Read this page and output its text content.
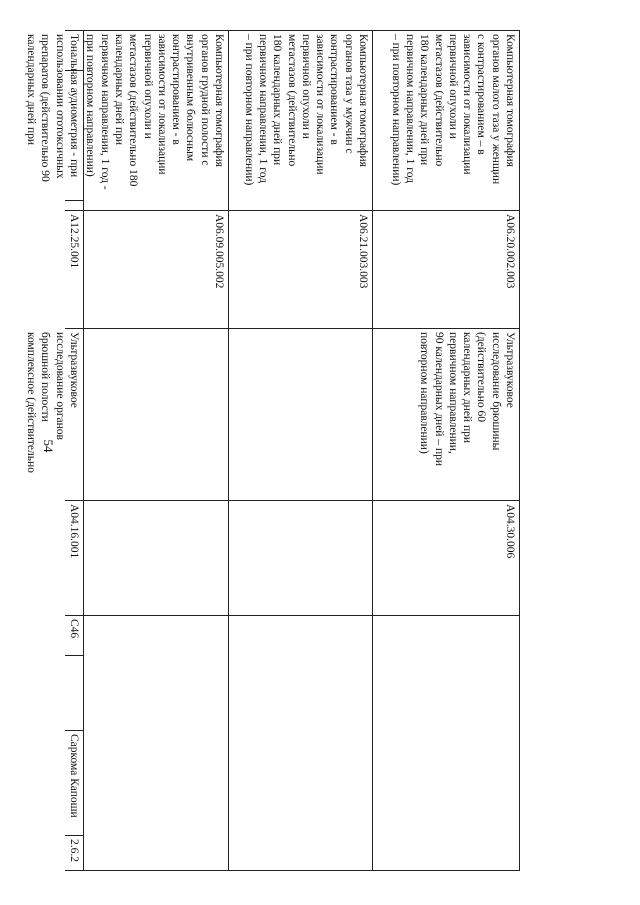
54
Компьютерная томография
органов малого таза у женщин
с контрастированием – в
зависимости от локализации
первичной опухоли и
метастазов (действительно
180 календарных дней при
первичном направлении, 1 год
– при повторном направлении)
A06.20.002.003
Ультразвуковое
исследование брюшины
(действительно 60
календарных дней при
первичном направлении,
90 календарных дней – при
повторном направлении)
A04.30.006
Компьютерная томография
органов таза у мужчин с
контрастированием - в
зависимости от локализации
первичной опухоли и
метастазов (действительно
180 календарных дней при
первичном направлении, 1 год
– при повторном направлении)
A06.21.003.003
Компьютерная томография
органов грудной полости с
внутривенным болюсным
контрастированием - в
зависимости от локализации
первичной опухоли и
метастазов (действительно 180
календарных дней при
первичном направлении, 1 год -
при повторном направлении)
A06.09.005.002
Тональная аудиометрия - при
использовании ототоксичных
препаратов (действительно 90
календарных дней при
A12.25.001
Ультразвуковое
исследование органов
брюшной полости
комплексное (действительно
A04.16.001
C46
Саркома Капоши
2.6.2
